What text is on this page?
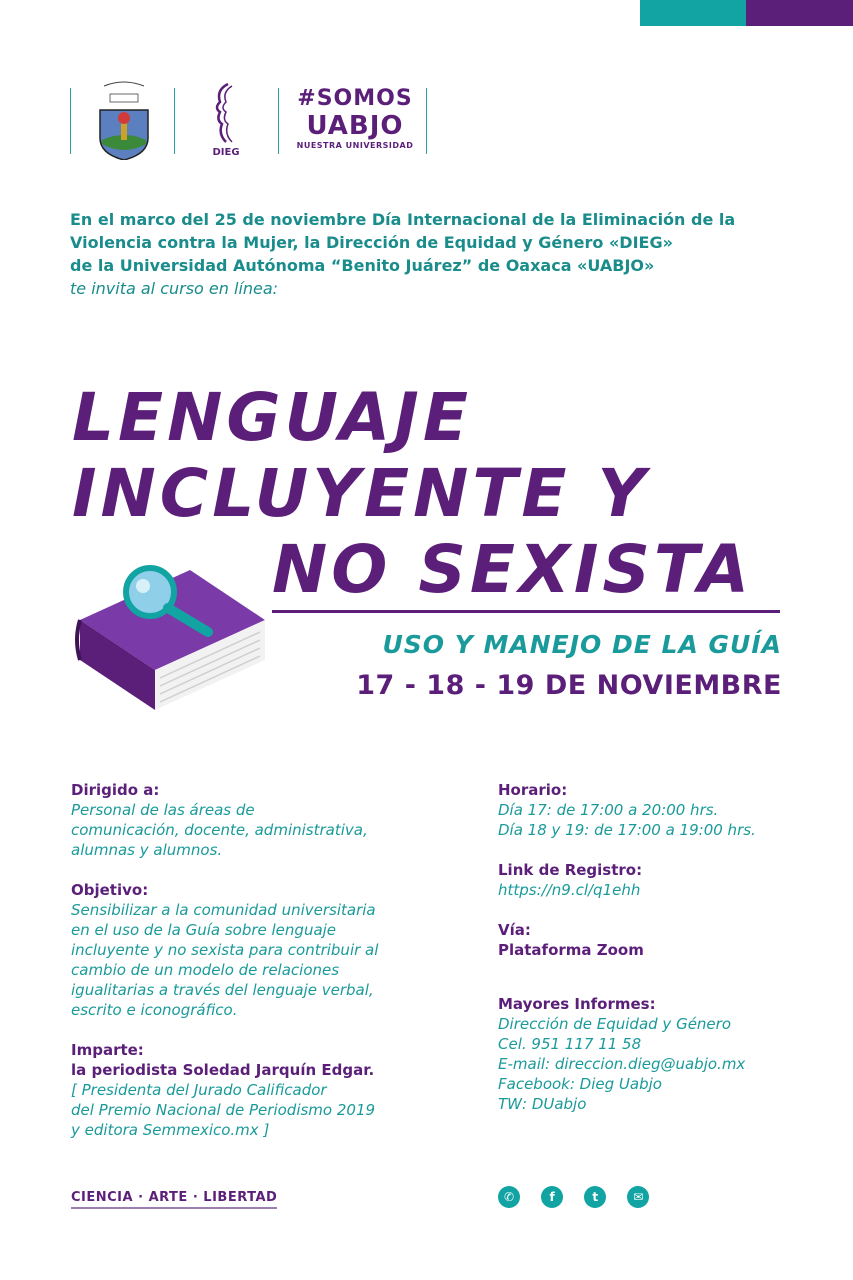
DIEG
#SOMOS
UABJO
NUESTRA UNIVERSIDAD
En el marco del 25 de noviembre Día Internacional de la Eliminación de la
Violencia contra la Mujer, la Dirección de Equidad y Género «DIEG»
de la Universidad Autónoma “Benito Juárez” de Oaxaca «UABJO»
te invita al curso en línea:
LENGUAJE
INCLUYENTE Y
NO SEXISTA
USO Y MANEJO DE LA GUÍA
17 - 18 - 19 DE NOVIEMBRE
Dirigido a:
Personal de las áreas de
comunicación, docente, administrativa,
alumnas y alumnos.
Objetivo:
Sensibilizar a la comunidad universitaria
en el uso de la Guía sobre lenguaje
incluyente y no sexista para contribuir al
cambio de un modelo de relaciones
igualitarias a través del lenguaje verbal,
escrito e iconográfico.
Imparte:
la periodista Soledad Jarquín Edgar.
[ Presidenta del Jurado Calificador
del Premio Nacional de Periodismo 2019
y editora Semmexico.mx ]
Horario:
Día 17: de 17:00 a 20:00 hrs.
Día 18 y 19: de 17:00 a 19:00 hrs.
Link de Registro:
https://n9.cl/q1ehh
Vía:
Plataforma Zoom
Mayores Informes:
Dirección de Equidad y Género
Cel. 951 117 11 58
E-mail: direccion.dieg@uabjo.mx
Facebook: Dieg Uabjo
TW: DUabjo
CIENCIA · ARTE · LIBERTAD	✆	f	t	✉
